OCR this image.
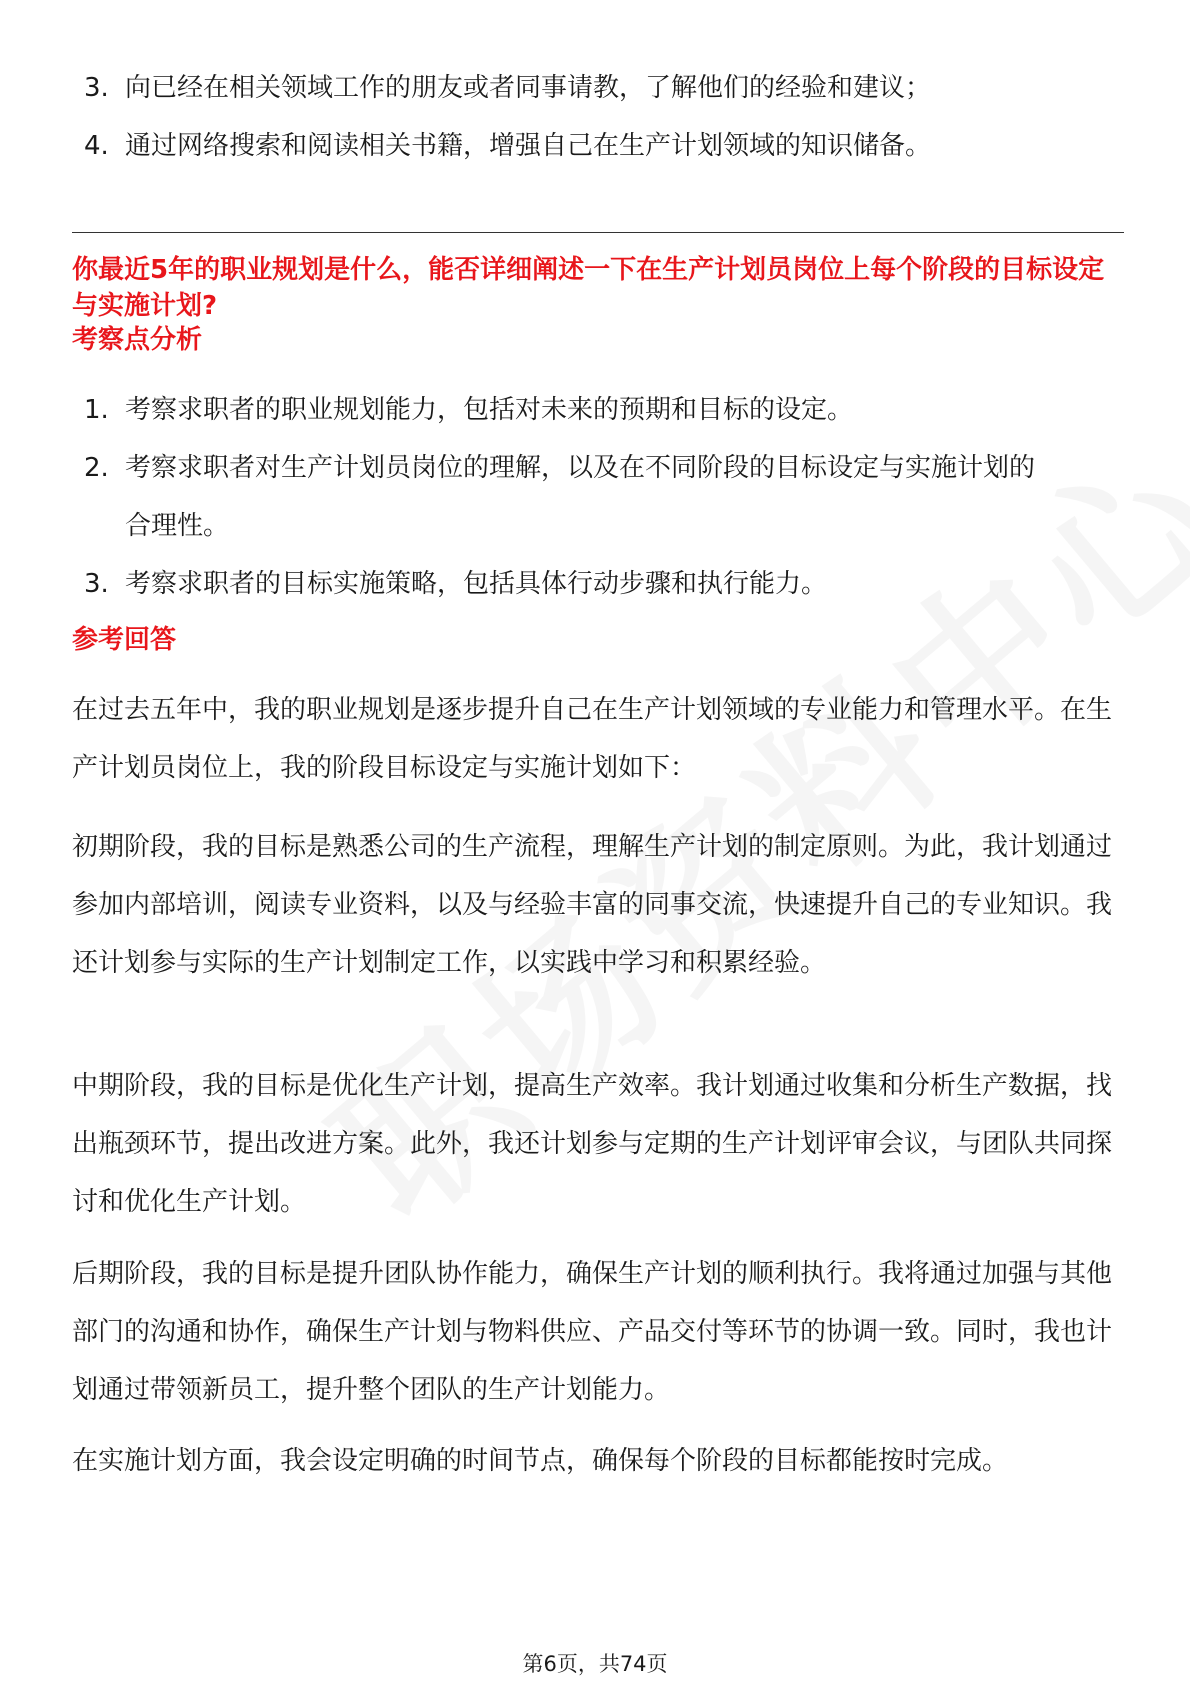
3. 向已经在相关领域工作的朋友或者同事请教，了解他们的经验和建议；
4. 通过网络搜索和阅读相关书籍，增强自己在生产计划领域的知识储备。
你最近5年的职业规划是什么，能否详细阐述一下在生产计划员岗位上每个阶段的目标设定与实施计划?
考察点分析
1. 考察求职者的职业规划能力，包括对未来的预期和目标的设定。
2. 考察求职者对生产计划员岗位的理解，以及在不同阶段的目标设定与实施计划的合理性。
3. 考察求职者的目标实施策略，包括具体行动步骤和执行能力。
参考回答
在过去五年中，我的职业规划是逐步提升自己在生产计划领域的专业能力和管理水平。在生产计划员岗位上，我的阶段目标设定与实施计划如下：
初期阶段，我的目标是熟悉公司的生产流程，理解生产计划的制定原则。为此，我计划通过参加内部培训，阅读专业资料，以及与经验丰富的同事交流，快速提升自己的专业知识。我还计划参与实际的生产计划制定工作，以实践中学习和积累经验。
中期阶段，我的目标是优化生产计划，提高生产效率。我计划通过收集和分析生产数据，找出瓶颈环节，提出改进方案。此外，我还计划参与定期的生产计划评审会议，与团队共同探讨和优化生产计划。
后期阶段，我的目标是提升团队协作能力，确保生产计划的顺利执行。我将通过加强与其他部门的沟通和协作，确保生产计划与物料供应、产品交付等环节的协调一致。同时，我也计划通过带领新员工，提升整个团队的生产计划能力。
在实施计划方面，我会设定明确的时间节点，确保每个阶段的目标都能按时完成。
第6页，共74页
